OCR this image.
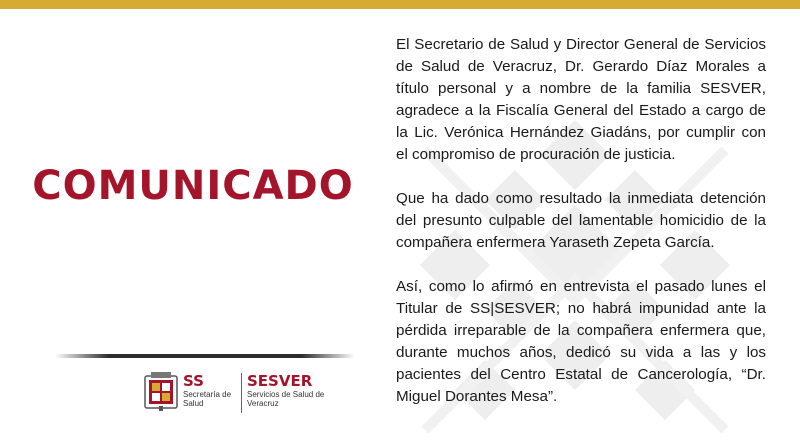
COMUNICADO
SS
Secretaría de Salud
SESVER
Servicios de Salud de Veracruz

El Secretario de Salud y Director General de Servicios de Salud de Veracruz, Dr. Gerardo Díaz Morales a título personal y a nombre de la familia SESVER, agradece a la Fiscalía General del Estado a cargo de la Lic. Verónica Hernández Giadáns, por cumplir con el compromiso de procuración de justicia.

Que ha dado como resultado la inmediata detención del presunto culpable del lamentable homicidio de la compañera enfermera Yaraseth Zepeta García.

Así, como lo afirmó en entrevista el pasado lunes el Titular de SS|SESVER; no habrá impunidad ante la pérdida irreparable de la compañera enfermera que, durante muchos años, dedicó su vida a las y los pacientes del Centro Estatal de Cancerología, “Dr. Miguel Dorantes Mesa”.
